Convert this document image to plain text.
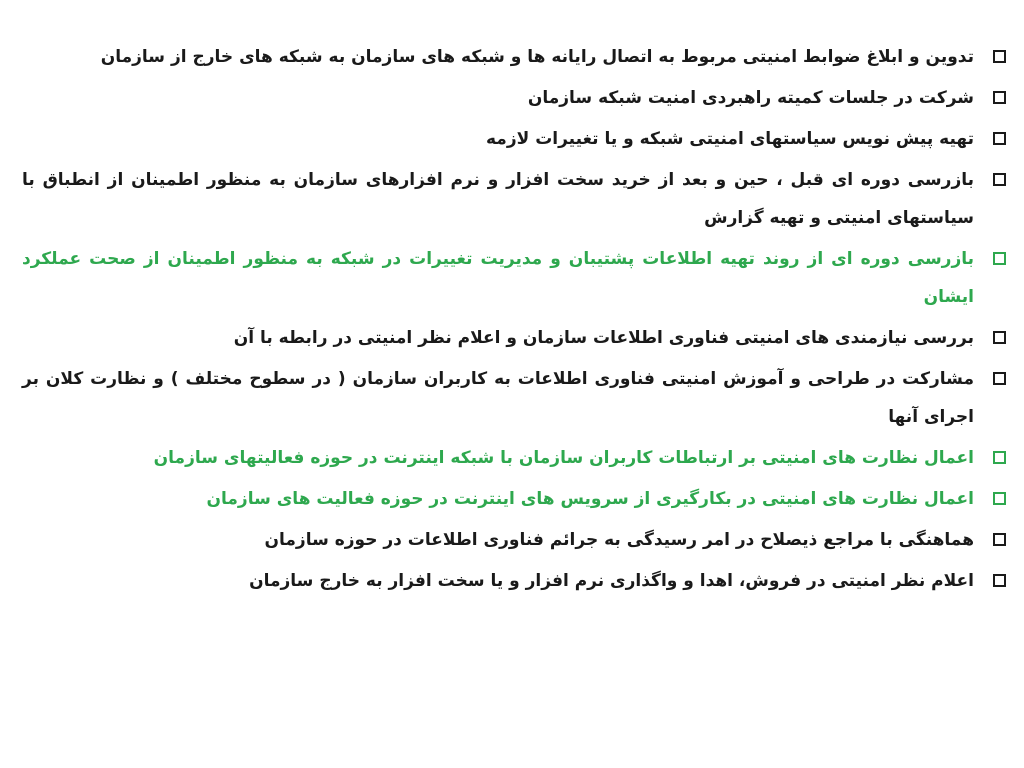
تدوین و ابلاغ ضوابط امنیتی مربوط به اتصال رایانه ها و شبکه های سازمان به شبکه های خارج از سازمان
شرکت در جلسات کمیته راهبردی امنیت شبکه سازمان
تهیه پیش نویس سیاستهای امنیتی شبکه و یا تغییرات لازمه
بازرسی دوره ای قبل ، حین و بعد از خرید سخت افزار و نرم افزارهای سازمان به منظور اطمینان از انطباق با سیاستهای امنیتی و تهیه گزارش
بازرسی دوره ای از روند تهیه اطلاعات پشتیبان و مدیریت تغییرات در شبکه به منظور اطمینان از صحت عملکرد ایشان
بررسی نیازمندی های امنیتی فناوری اطلاعات سازمان و اعلام نظر امنیتی در رابطه با آن
مشارکت در طراحی و آموزش امنیتی فناوری اطلاعات به کاربران سازمان ( در سطوح مختلف ) و نظارت کلان بر اجرای آنها
اعمال نظارت های امنیتی بر ارتباطات کاربران سازمان با شبکه اینترنت در حوزه فعالیتهای سازمان
اعمال نظارت های امنیتی در بکارگیری از سرویس های اینترنت در حوزه فعالیت های سازمان
هماهنگی با مراجع ذیصلاح در امر رسیدگی به جرائم فناوری اطلاعات در حوزه سازمان
اعلام نظر امنیتی در فروش، اهدا و واگذاری نرم افزار و یا سخت افزار به خارج سازمان
